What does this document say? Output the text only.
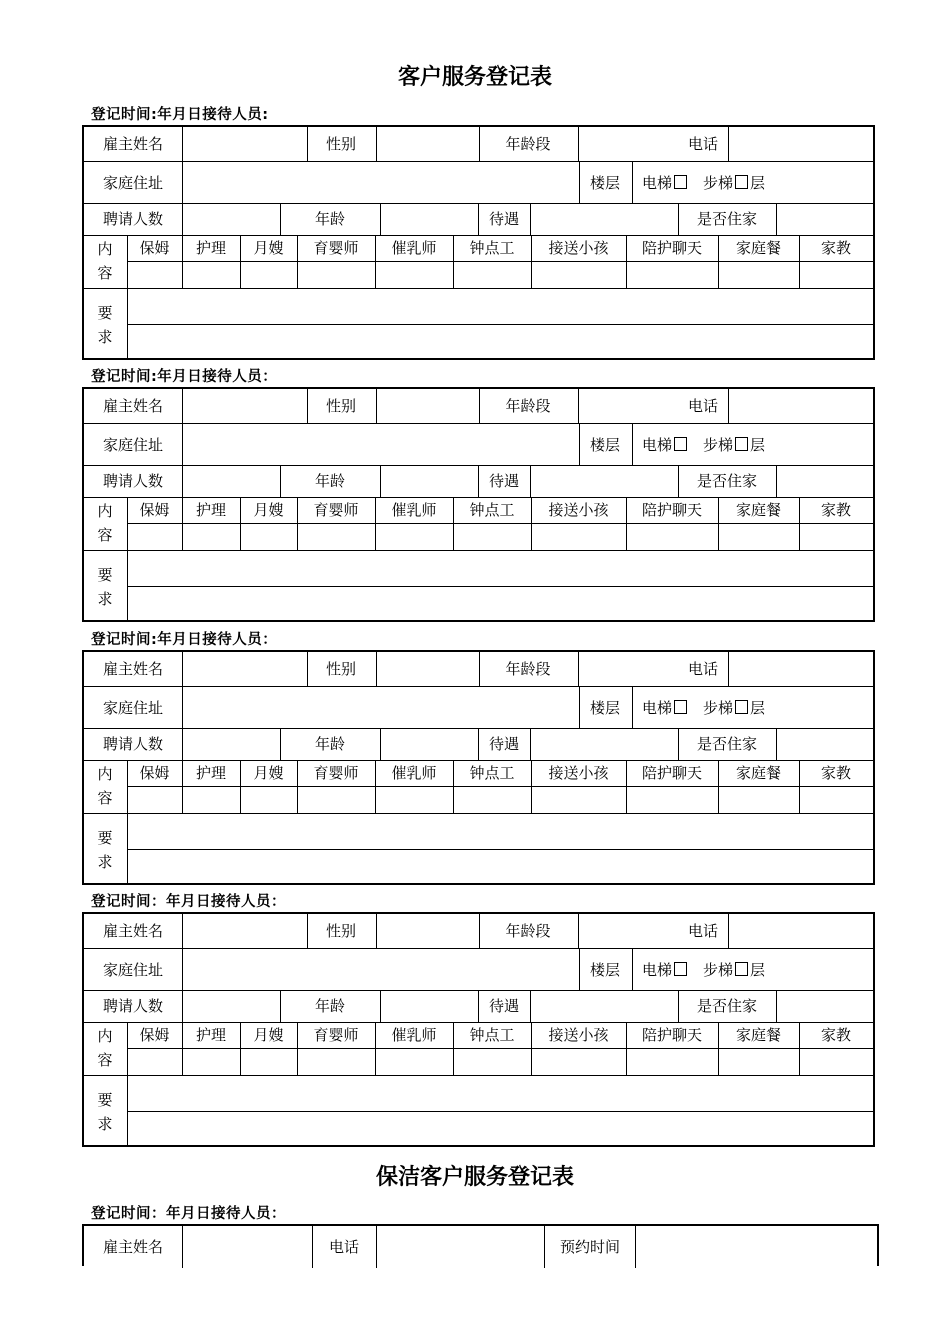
客户服务登记表
登记时间:年月日接待人员:
雇主姓名	性别	年龄段	电话
家庭住址	楼层 电梯 步梯 层
聘请人数	年龄	待遇	是否住家
内
容
保姆 护理 月嫂 育婴师 催乳师 钟点工 接送小孩 陪护聊天 家庭餐	家教
要
求
登记时间:年月日接待人员：
雇主姓名	性别	年龄段	电话
家庭住址	楼层 电梯 步梯 层
聘请人数	年龄	待遇	是否住家
内
容
保姆 护理 月嫂 育婴师 催乳师 钟点工 接送小孩 陪护聊天 家庭餐	家教
要
求
登记时间:年月日接待人员：
雇主姓名	性别	年龄段	电话
家庭住址	楼层 电梯 步梯 层
聘请人数	年龄	待遇	是否住家
内
容
保姆 护理 月嫂 育婴师 催乳师 钟点工 接送小孩 陪护聊天 家庭餐	家教
要
求
登记时间：年月日接待人员：
雇主姓名	性别	年龄段	电话
家庭住址	楼层 电梯 步梯 层
聘请人数	年龄	待遇	是否住家
内
容
保姆 护理 月嫂 育婴师 催乳师 钟点工 接送小孩 陪护聊天 家庭餐	家教
要
求
保洁客户服务登记表
登记时间：年月日接待人员：
雇主姓名	电话	预约时间
